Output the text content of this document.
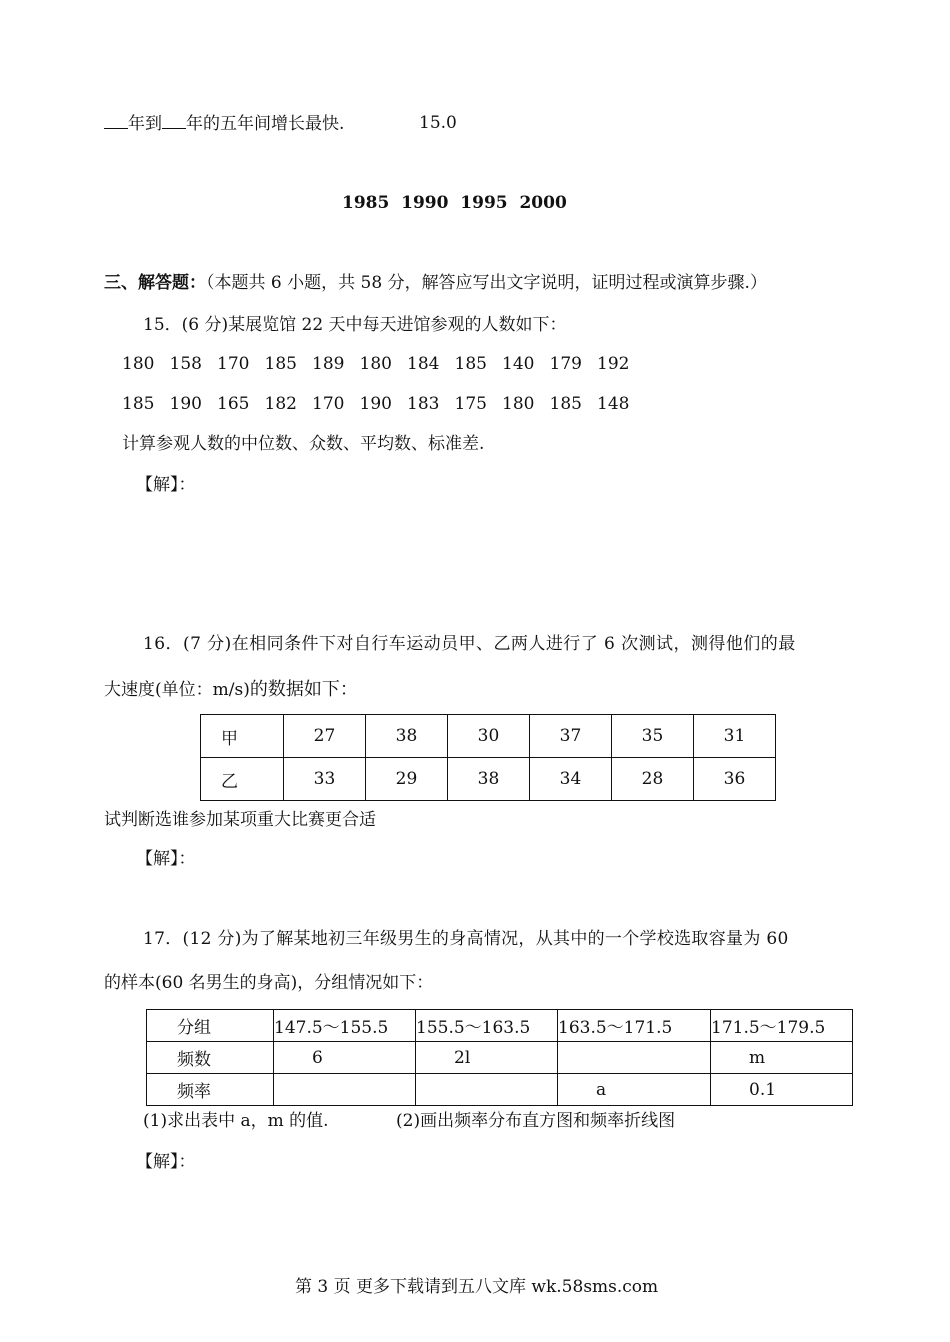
年到 年的五年间增长最快.	15.0
1985  1990  1995  2000
三、解答题：（本题共 6 小题，共 58 分，解答应写出文字说明，证明过程或演算步骤.）
15．(6 分)某展览馆 22 天中每天进馆参观的人数如下：
180 158 170 185 189 180 184 185 140 179 192
185 190 165 182 170 190 183 175 180 185 148
计算参观人数的中位数、众数、平均数、标准差.
【解】：
16．(7 分)在相同条件下对自行车运动员甲、乙两人进行了 6 次测试，测得他们的最
大速度(单位：m/s)的数据如下：
甲	27	38	30	37	35	31
乙	33	29	38	34	28	36
试判断选谁参加某项重大比赛更合适
【解】：
17．(12 分)为了解某地初三年级男生的身高情况，从其中的一个学校选取容量为 60
的样本(60 名男生的身高)，分组情况如下：
分组	147.5～155.5	155.5～163.5	163.5～171.5	171.5～179.5
频数	6	2l		m
频率			a	0.1
(1)求出表中 a，m 的值.	(2)画出频率分布直方图和频率折线图
【解】：
第 3 页 更多下载请到五八文库 wk.58sms.com
